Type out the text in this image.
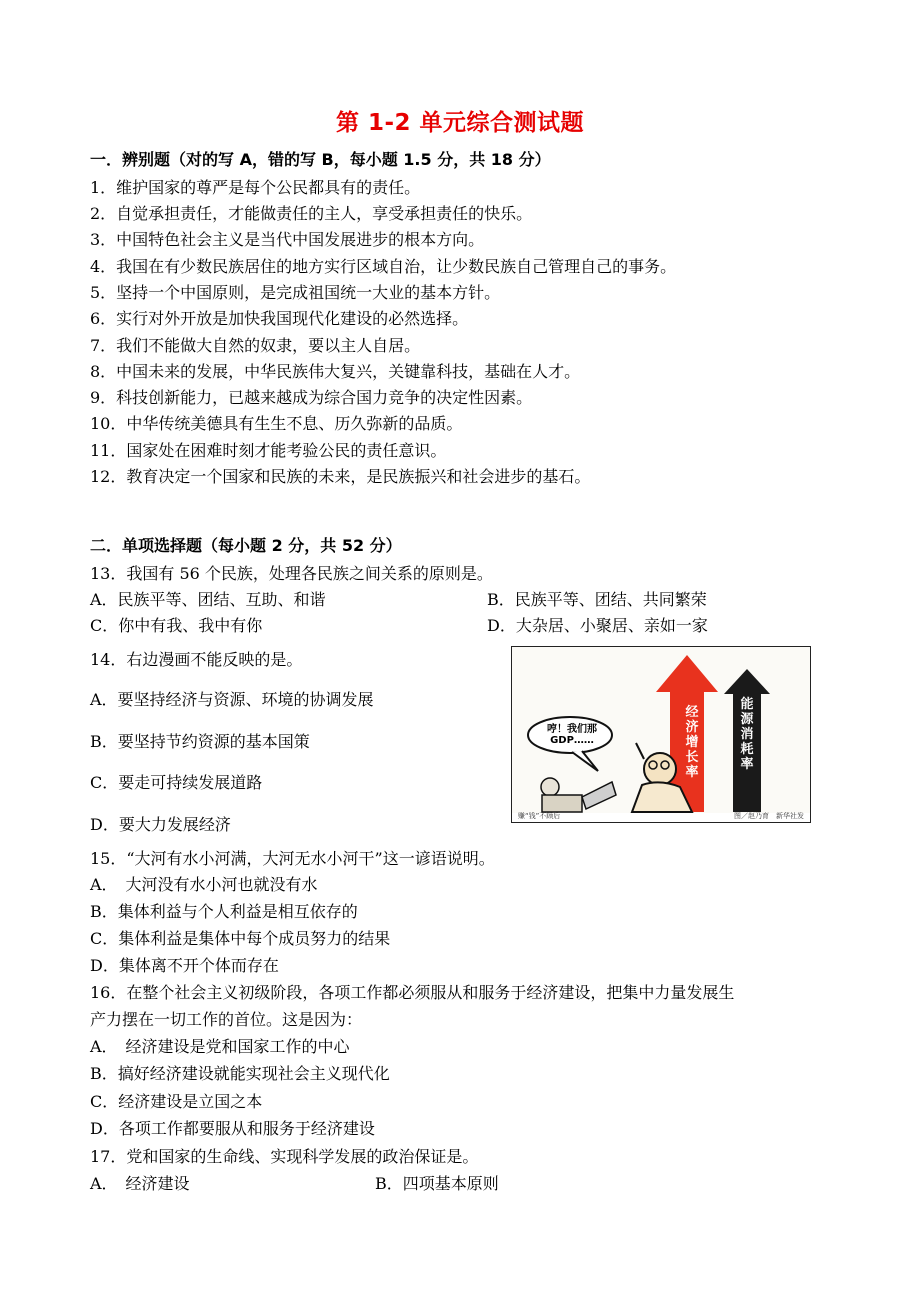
第 1-2 单元综合测试题
一．辨别题（对的写 A，错的写 B，每小题 1.5 分，共 18 分）
1．维护国家的尊严是每个公民都具有的责任。
2．自觉承担责任，才能做责任的主人，享受承担责任的快乐。
3．中国特色社会主义是当代中国发展进步的根本方向。
4．我国在有少数民族居住的地方实行区域自治，让少数民族自己管理自己的事务。
5．坚持一个中国原则，是完成祖国统一大业的基本方针。
6．实行对外开放是加快我国现代化建设的必然选择。
7．我们不能做大自然的奴隶，要以主人自居。
8．中国未来的发展，中华民族伟大复兴，关键靠科技，基础在人才。
9．科技创新能力，已越来越成为综合国力竞争的决定性因素。
10．中华传统美德具有生生不息、历久弥新的品质。
11．国家处在困难时刻才能考验公民的责任意识。
12．教育决定一个国家和民族的未来，是民族振兴和社会进步的基石。
二．单项选择题（每小题 2 分，共 52 分）
13．我国有 56 个民族，处理各民族之间关系的原则是。
A．民族平等、团结、互助、和谐	B．民族平等、团结、共同繁荣
C．你中有我、我中有你	D．大杂居、小聚居、亲如一家
14．右边漫画不能反映的是。
A．要坚持经济与资源、环境的协调发展
B．要坚持节约资源的基本国策
C．要走可持续发展道路
D．要大力发展经济
经济增长率
能源消耗率
哼！我们那 GDP……
赚“钱”不顾后	图／赵乃育　新华社发
15．“大河有水小河满，大河无水小河干”这一谚语说明。
A．　大河没有水小河也就没有水
B．集体利益与个人利益是相互依存的
C．集体利益是集体中每个成员努力的结果
D．集体离不开个体而存在
16．在整个社会主义初级阶段，各项工作都必须服从和服务于经济建设，把集中力量发展生
产力摆在一切工作的首位。这是因为：
A．　经济建设是党和国家工作的中心
B．搞好经济建设就能实现社会主义现代化
C．经济建设是立国之本
D．各项工作都要服从和服务于经济建设
17．党和国家的生命线、实现科学发展的政治保证是。
A．　经济建设	B．四项基本原则
